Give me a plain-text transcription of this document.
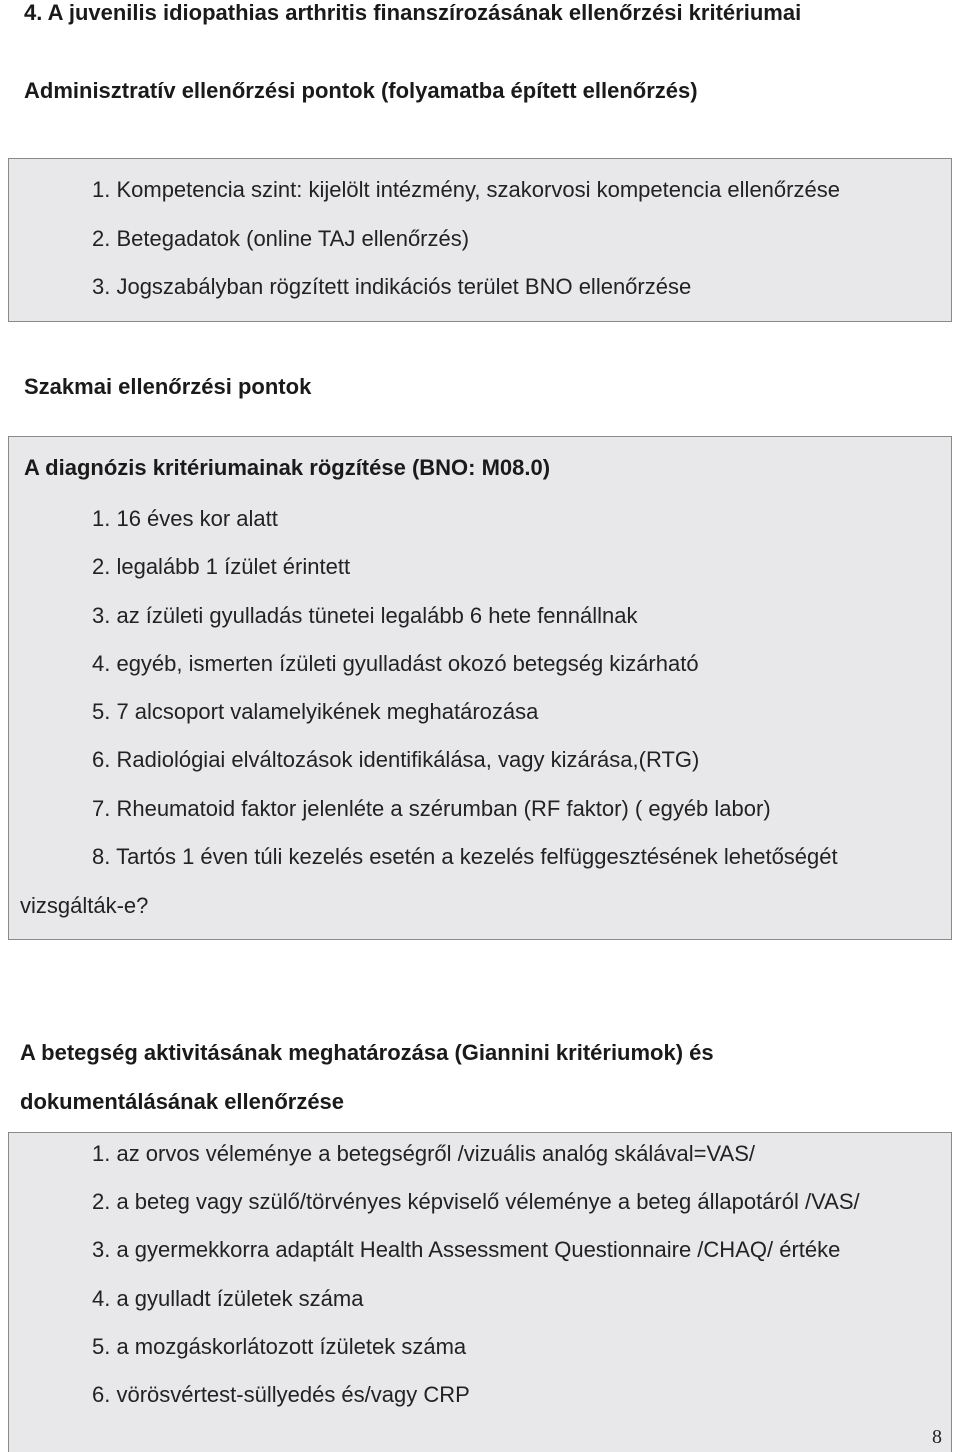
4. A juvenilis idiopathias arthritis finanszírozásának ellenőrzési kritériumai
Adminisztratív ellenőrzési pontok (folyamatba épített ellenőrzés)
1. Kompetencia szint: kijelölt intézmény, szakorvosi kompetencia ellenőrzése
2. Betegadatok (online TAJ ellenőrzés)
3. Jogszabályban rögzített indikációs terület BNO ellenőrzése
Szakmai ellenőrzési pontok
A diagnózis kritériumainak rögzítése (BNO: M08.0)
1. 16 éves kor alatt
2. legalább 1 ízület érintett
3. az ízületi gyulladás tünetei legalább 6 hete fennállnak
4. egyéb, ismerten ízületi gyulladást okozó betegség kizárható
5. 7 alcsoport valamelyikének meghatározása
6. Radiológiai elváltozások identifikálása, vagy kizárása,(RTG)
7. Rheumatoid faktor jelenléte a szérumban (RF faktor) ( egyéb labor)
8. Tartós 1 éven túli kezelés esetén a kezelés felfüggesztésének lehetőségét
vizsgálták-e?
A betegség aktivitásának meghatározása (Giannini kritériumok) és
dokumentálásának ellenőrzése
1. az orvos véleménye a betegségről /vizuális analóg skálával=VAS/
2. a beteg vagy szülő/törvényes képviselő véleménye a beteg állapotáról /VAS/
3. a gyermekkorra adaptált Health Assessment Questionnaire /CHAQ/ értéke
4. a gyulladt ízületek száma
5. a mozgáskorlátozott ízületek száma
6. vörösvértest-süllyedés és/vagy CRP
8
